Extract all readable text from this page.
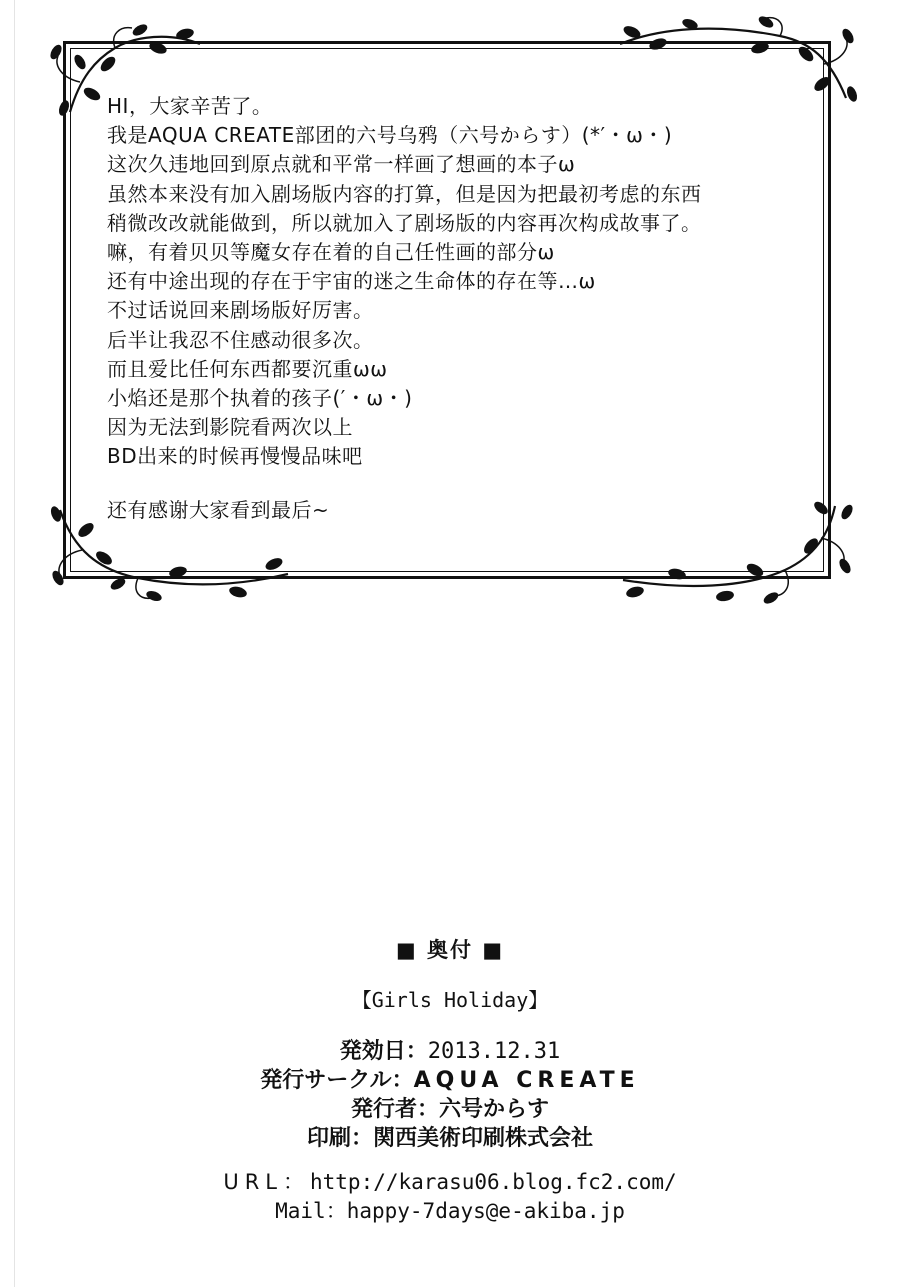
HI，大家辛苦了。
我是AQUA CREATE部团的六号乌鸦（六号からす）(*′・ω・)
这次久违地回到原点就和平常一样画了想画的本子ω
虽然本来没有加入剧场版内容的打算，但是因为把最初考虑的东西
稍微改改就能做到，所以就加入了剧场版的内容再次构成故事了。
嘛，有着贝贝等魔女存在着的自己任性画的部分ω
还有中途出现的存在于宇宙的迷之生命体的存在等…ω
不过话说回来剧场版好厉害。
后半让我忍不住感动很多次。
而且爱比任何东西都要沉重ωω
小焰还是那个执着的孩子(′・ω・)
因为无法到影院看两次以上
BD出来的时候再慢慢品味吧
还有感谢大家看到最后~
■ 奥付 ■
【Girls Holiday】
発効日：2013.12.31
発行サークル：AQUA CREATE
発行者：六号からす
印刷：関西美術印刷株式会社
URL：http://karasu06.blog.fc2.com/
Mail：happy-7days@e-akiba.jp
